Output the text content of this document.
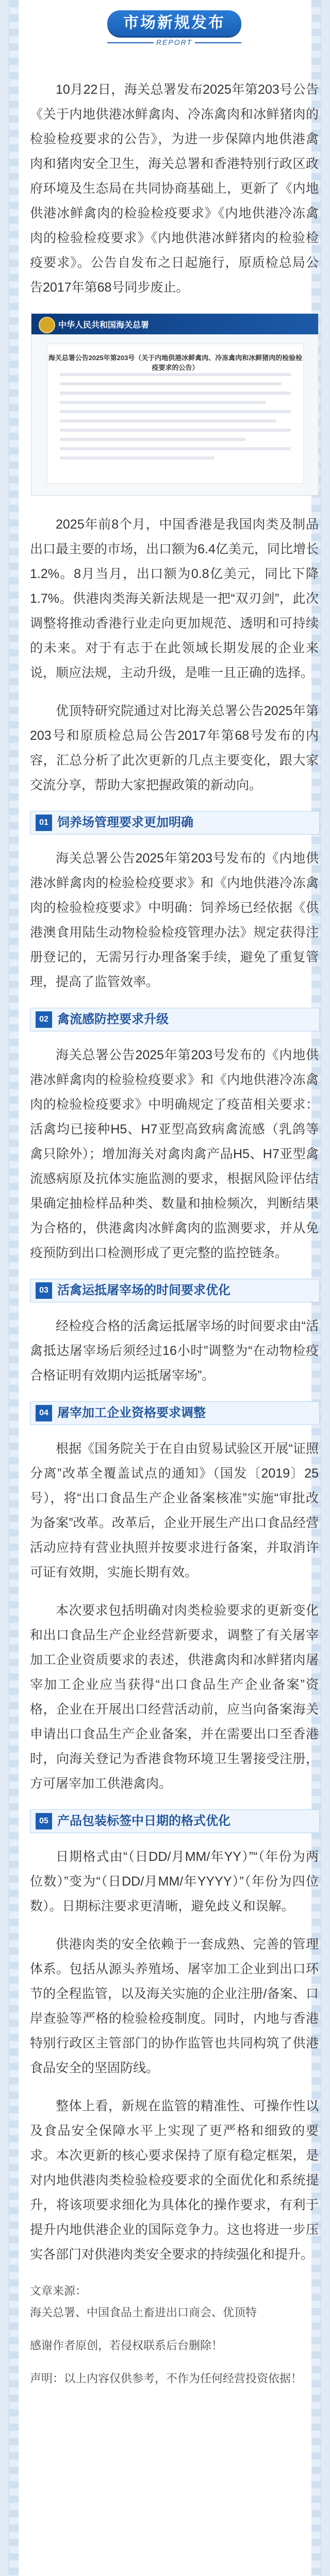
市场新规发布
REPORT

10月22日，海关总署发布2025年第203号公告《关于内地供港冰鲜禽肉、冷冻禽肉和冰鲜猪肉的检验检疫要求的公告》，为进一步保障内地供港禽肉和猪肉安全卫生，海关总署和香港特别行政区政府环境及生态局在共同协商基础上，更新了《内地供港冰鲜禽肉的检验检疫要求》《内地供港冷冻禽肉的检验检疫要求》《内地供港冰鲜猪肉的检验检疫要求》。公告自发布之日起施行，原质检总局公告2017年第68号同步废止。

中华人民共和国海关总署
海关总署公告2025年第203号（关于内地供港冰鲜禽肉、冷冻禽肉和冰鲜猪肉的检验检疫要求的公告）

2025年前8个月，中国香港是我国肉类及制品出口最主要的市场，出口额为6.4亿美元，同比增长1.2%。8月当月，出口额为0.8亿美元，同比下降1.7%。供港肉类海关新法规是一把“双刃剑”，此次调整将推动香港行业走向更加规范、透明和可持续的未来。对于有志于在此领域长期发展的企业来说，顺应法规，主动升级，是唯一且正确的选择。

优顶特研究院通过对比海关总署公告2025年第203号和原质检总局公告2017年第68号发布的内容，汇总分析了此次更新的几点主要变化，跟大家交流分享，帮助大家把握政策的新动向。

01 饲养场管理要求更加明确

海关总署公告2025年第203号发布的《内地供港冰鲜禽肉的检验检疫要求》和《内地供港冷冻禽肉的检验检疫要求》中明确：饲养场已经依据《供港澳食用陆生动物检验检疫管理办法》规定获得注册登记的，无需另行办理备案手续，避免了重复管理，提高了监管效率。

02 禽流感防控要求升级

海关总署公告2025年第203号发布的《内地供港冰鲜禽肉的检验检疫要求》和《内地供港冷冻禽肉的检验检疫要求》中明确规定了疫苗相关要求：活禽均已接种H5、H7亚型高致病禽流感（乳鸽等禽只除外）；增加海关对禽肉禽产品H5、H7亚型禽流感病原及抗体实施监测的要求，根据风险评估结果确定抽检样品种类、数量和抽检频次，判断结果为合格的，供港禽肉冰鲜禽肉的监测要求，并从免疫预防到出口检测形成了更完整的监控链条。

03 活禽运抵屠宰场的时间要求优化

经检疫合格的活禽运抵屠宰场的时间要求由“活禽抵达屠宰场后须经过16小时”调整为“在动物检疫合格证明有效期内运抵屠宰场”。

04 屠宰加工企业资格要求调整

根据《国务院关于在自由贸易试验区开展“证照分离”改革全覆盖试点的通知》（国发〔2019〕25号），将“出口食品生产企业备案核准”实施“审批改为备案”改革。改革后，企业开展生产出口食品经营活动应持有营业执照并按要求进行备案，并取消许可证有效期，实施长期有效。

本次要求包括明确对肉类检验要求的更新变化和出口食品生产企业经营新要求，调整了有关屠宰加工企业资质要求的表述，供港禽肉和冰鲜猪肉屠宰加工企业应当获得“出口食品生产企业备案”资格，企业在开展出口经营活动前，应当向备案海关申请出口食品生产企业备案，并在需要出口至香港时，向海关登记为香港食物环境卫生署接受注册，方可屠宰加工供港禽肉。

05 产品包装标签中日期的格式优化

日期格式由“（日DD/月MM/年YY）”“（年份为两位数）”变为“（日DD/月MM/年YYYY）”（年份为四位数）。日期标注要求更清晰，避免歧义和误解。

供港肉类的安全依赖于一套成熟、完善的管理体系。包括从源头养殖场、屠宰加工企业到出口环节的全程监管，以及海关实施的企业注册/备案、口岸查验等严格的检验检疫制度。同时，内地与香港特别行政区主管部门的协作监管也共同构筑了供港食品安全的坚固防线。

整体上看，新规在监管的精准性、可操作性以及食品安全保障水平上实现了更严格和细致的要求。本次更新的核心要求保持了原有稳定框架，是对内地供港肉类检验检疫要求的全面优化和系统提升，将该项要求细化为具体化的操作要求，有利于提升内地供港企业的国际竞争力。这也将进一步压实各部门对供港肉类安全要求的持续强化和提升。

文章来源：
海关总署、中国食品土畜进出口商会、优顶特

感谢作者原创，若侵权联系后台删除！

声明：以上内容仅供参考，不作为任何经营投资依据！
